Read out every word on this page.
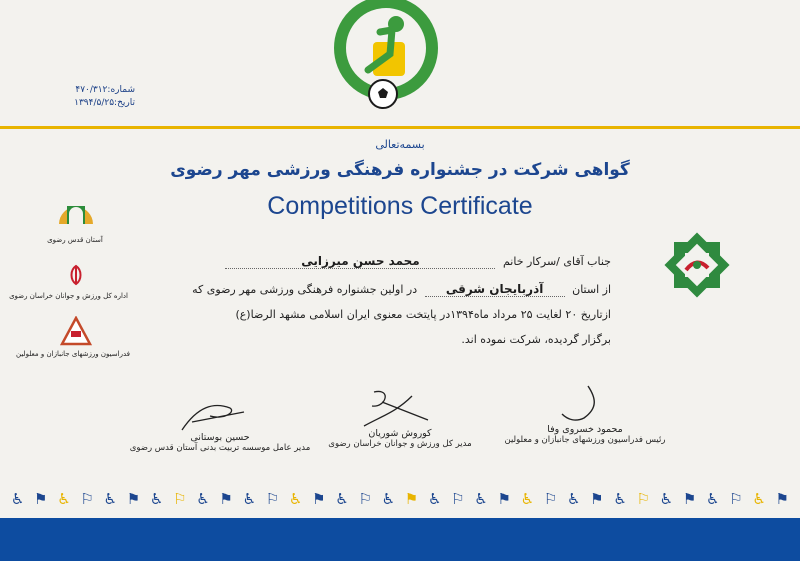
شماره:۴۷۰/۳۱۲
تاریخ:۱۳۹۴/۵/۲۵
بسمه‌تعالی
گواهی شرکت در جشنواره فرهنگی ورزشی مهر رضوی
Competitions Certificate
آستان قدس رضوی
اداره کل ورزش و جوانان خراسان رضوی
فدراسیون ورزشهای جانبازان و معلولین
جناب آقای /سرکار خانم محمد حسن میرزایی
از استان آذربایجان شرقی در اولین جشنواره فرهنگی ورزشی مهر رضوی که
ازتاریخ ۲۰ لغایت ۲۵ مرداد ماه۱۳۹۴در پایتخت معنوی ایران اسلامی مشهد الرضا(ع)
برگزار گردیده، شرکت نموده اند.
محمود خسروی وفا
رئیس فدراسیون ورزشهای جانبازان و معلولین
کوروش شوریان
مدیر کل ورزش و جوانان خراسان رضوی
حسین بوستانی
مدیر عامل موسسه تربیت بدنی آستان قدس رضوی
♿ ⚑ ♿ ⚐ ♿ ⚑ ♿ ⚐ ♿ ⚑ ♿ ⚐ ♿ ⚑ ♿ ⚐ ♿ ⚑ ♿ ⚐ ♿ ⚑ ♿ ⚐ ♿ ⚑ ♿ ⚐ ♿ ⚑ ♿ ⚐ ♿ ⚑
